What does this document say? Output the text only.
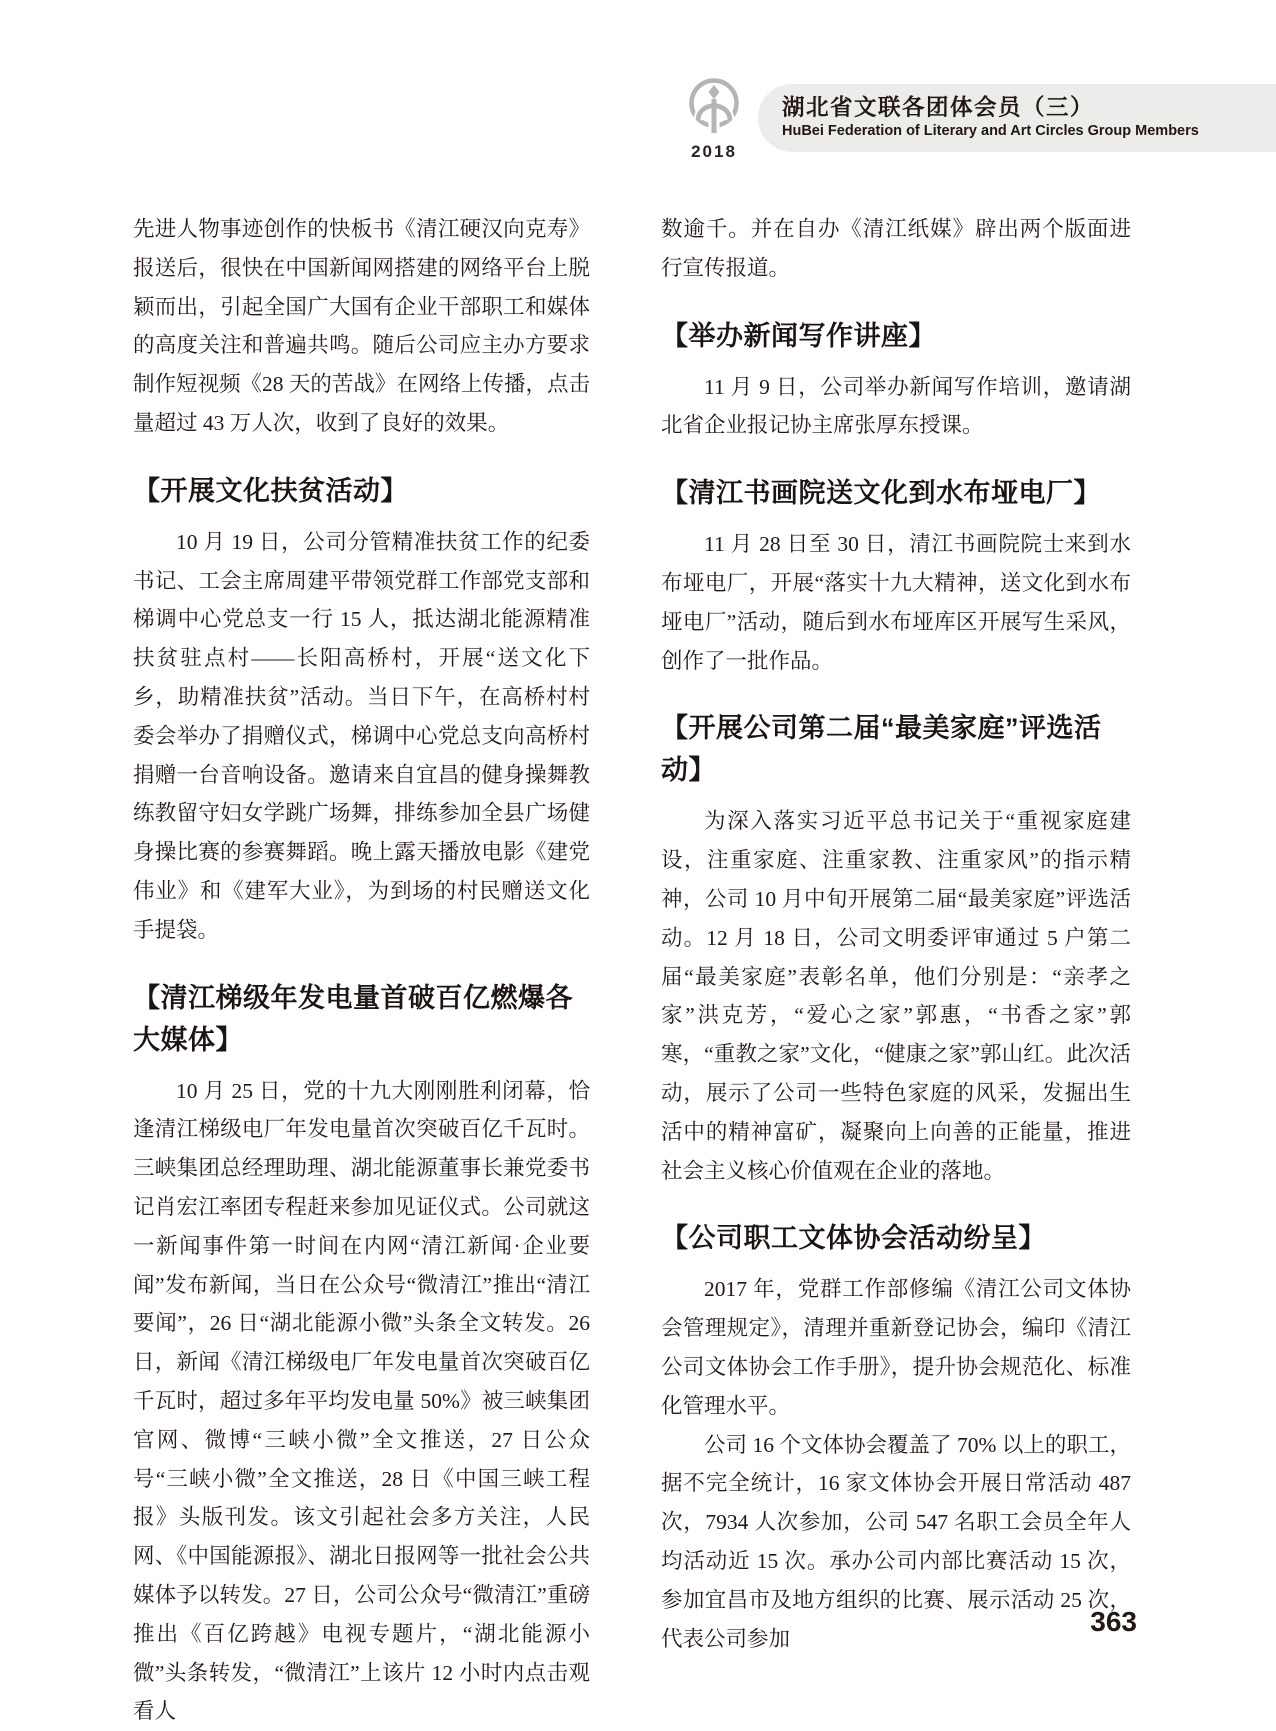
2018
湖北省文联各团体会员（三）
HuBei Federation of Literary and Art Circles Group Members

先进人物事迹创作的快板书《清江硬汉向克寿》报送后，很快在中国新闻网搭建的网络平台上脱颖而出，引起全国广大国有企业干部职工和媒体的高度关注和普遍共鸣。随后公司应主办方要求制作短视频《28 天的苦战》在网络上传播，点击量超过 43 万人次，收到了良好的效果。

【开展文化扶贫活动】

10 月 19 日，公司分管精准扶贫工作的纪委书记、工会主席周建平带领党群工作部党支部和梯调中心党总支一行 15 人，抵达湖北能源精准扶贫驻点村——长阳高桥村，开展“送文化下乡，助精准扶贫”活动。当日下午，在高桥村村委会举办了捐赠仪式，梯调中心党总支向高桥村捐赠一台音响设备。邀请来自宜昌的健身操舞教练教留守妇女学跳广场舞，排练参加全县广场健身操比赛的参赛舞蹈。晚上露天播放电影《建党伟业》和《建军大业》，为到场的村民赠送文化手提袋。

【清江梯级年发电量首破百亿燃爆各大媒体】

10 月 25 日，党的十九大刚刚胜利闭幕，恰逢清江梯级电厂年发电量首次突破百亿千瓦时。三峡集团总经理助理、湖北能源董事长兼党委书记肖宏江率团专程赶来参加见证仪式。公司就这一新闻事件第一时间在内网“清江新闻·企业要闻”发布新闻，当日在公众号“微清江”推出“清江要闻”，26 日“湖北能源小微”头条全文转发。26 日，新闻《清江梯级电厂年发电量首次突破百亿千瓦时，超过多年平均发电量 50%》被三峡集团官网、微博“三峡小微”全文推送，27 日公众号“三峡小微”全文推送，28 日《中国三峡工程报》头版刊发。该文引起社会多方关注，人民网、《中国能源报》、湖北日报网等一批社会公共媒体予以转发。27 日，公司公众号“微清江”重磅推出《百亿跨越》电视专题片，“湖北能源小微”头条转发，“微清江”上该片 12 小时内点击观看人

数逾千。并在自办《清江纸媒》辟出两个版面进行宣传报道。

【举办新闻写作讲座】

11 月 9 日，公司举办新闻写作培训，邀请湖北省企业报记协主席张厚东授课。

【清江书画院送文化到水布垭电厂】

11 月 28 日至 30 日，清江书画院院士来到水布垭电厂，开展“落实十九大精神，送文化到水布垭电厂”活动，随后到水布垭库区开展写生采风，创作了一批作品。

【开展公司第二届“最美家庭”评选活动】

为深入落实习近平总书记关于“重视家庭建设，注重家庭、注重家教、注重家风”的指示精神，公司 10 月中旬开展第二届“最美家庭”评选活动。12 月 18 日，公司文明委评审通过 5 户第二届“最美家庭”表彰名单，他们分别是：“亲孝之家”洪克芳，“爱心之家”郭惠，“书香之家”郭寒，“重教之家”文化，“健康之家”郭山红。此次活动，展示了公司一些特色家庭的风采，发掘出生活中的精神富矿，凝聚向上向善的正能量，推进社会主义核心价值观在企业的落地。

【公司职工文体协会活动纷呈】

2017 年，党群工作部修编《清江公司文体协会管理规定》，清理并重新登记协会，编印《清江公司文体协会工作手册》，提升协会规范化、标准化管理水平。

公司 16 个文体协会覆盖了 70% 以上的职工，据不完全统计，16 家文体协会开展日常活动 487 次，7934 人次参加，公司 547 名职工会员全年人均活动近 15 次。承办公司内部比赛活动 15 次，参加宜昌市及地方组织的比赛、展示活动 25 次，代表公司参加

363
